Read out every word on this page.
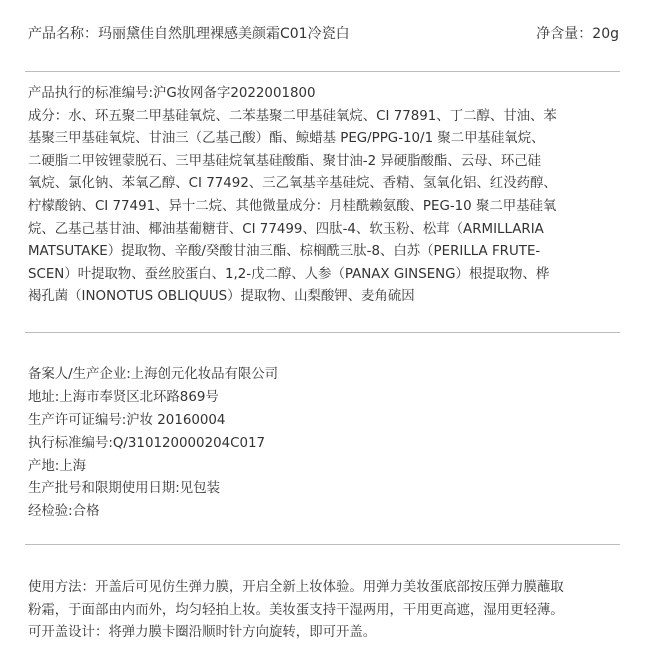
产品名称：玛丽黛佳自然肌理裸感美颜霜C01冷瓷白	净含量：20g
产品执行的标准编号:沪G妆网备字2022001800
成分：水、环五聚二甲基硅氧烷、二苯基聚二甲基硅氧烷、CI 77891、丁二醇、甘油、苯
基聚三甲基硅氧烷、甘油三（乙基己酸）酯、鲸蜡基 PEG/PPG-10/1 聚二甲基硅氧烷、
二硬脂二甲铵锂蒙脱石、三甲基硅烷氧基硅酸酯、聚甘油-2 异硬脂酸酯、云母、环己硅
氧烷、氯化钠、苯氧乙醇、CI 77492、三乙氧基辛基硅烷、香精、氢氧化铝、红没药醇、
柠檬酸钠、CI 77491、异十二烷、其他微量成分：月桂酰赖氨酸、PEG-10 聚二甲基硅氧
烷、乙基己基甘油、椰油基葡糖苷、CI 77499、四肽-4、软玉粉、松茸（ARMILLARIA
MATSUTAKE）提取物、辛酸/癸酸甘油三酯、棕榈酰三肽-8、白苏（PERILLA FRUTE-
SCEN）叶提取物、蚕丝胶蛋白、1,2-戊二醇、人参（PANAX GINSENG）根提取物、桦
褐孔菌（INONOTUS OBLIQUUS）提取物、山梨酸钾、麦角硫因
备案人/生产企业:上海创元化妆品有限公司
地址:上海市奉贤区北环路869号
生产许可证编号:沪妆 20160004
执行标准编号:Q/310120000204C017
产地:上海
生产批号和限期使用日期:见包装
经检验:合格
使用方法：开盖后可见仿生弹力膜，开启全新上妆体验。用弹力美妆蛋底部按压弹力膜蘸取
粉霜，于面部由内而外，均匀轻拍上妆。美妆蛋支持干湿两用，干用更高遮，湿用更轻薄。
可开盖设计：将弹力膜卡圈沿顺时针方向旋转，即可开盖。
